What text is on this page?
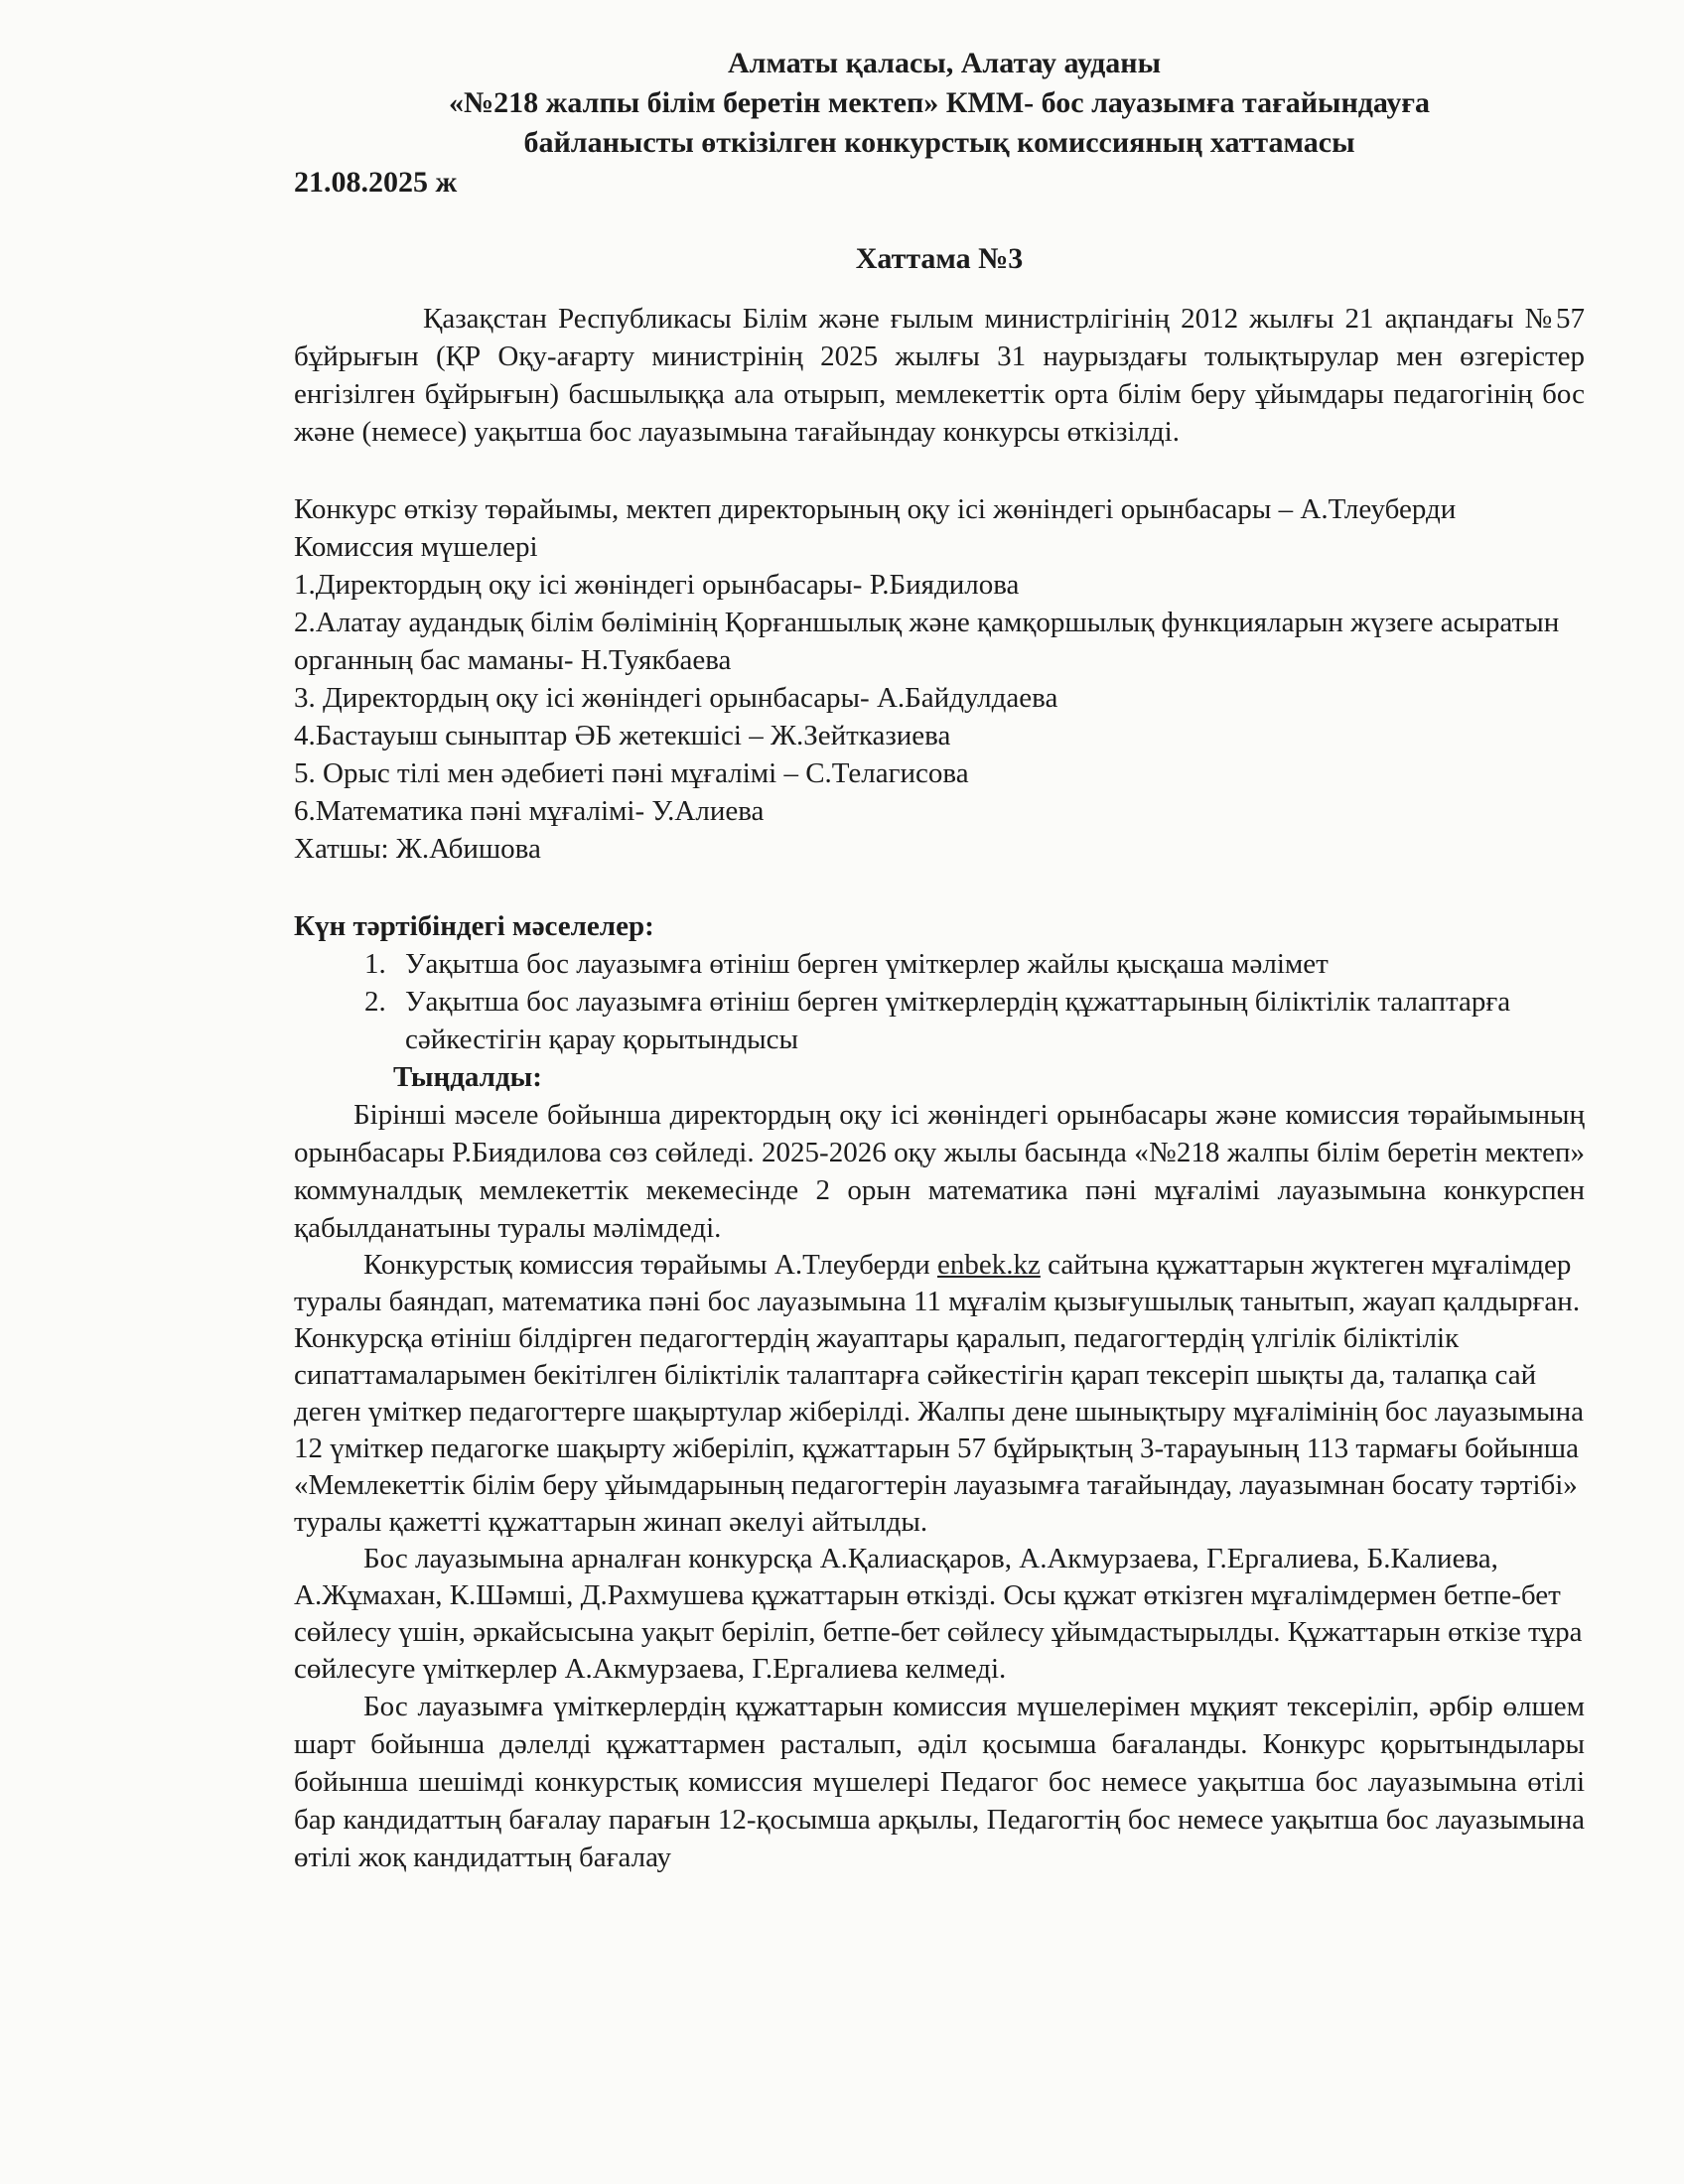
Алматы қаласы, Алатау ауданы

«№218 жалпы білім беретін мектеп» КММ- бос лауазымға тағайындауға

байланысты өткізілген конкурстық комиссияның хаттамасы

21.08.2025 ж

Хаттама №3

Қазақстан Республикасы Білім және ғылым министрлігінің 2012 жылғы 21 ақпандағы №57 бұйрығын (ҚР Оқу-ағарту министрінің 2025 жылғы 31 наурыздағы толықтырулар мен өзгерістер енгізілген бұйрығын) басшылыққа ала отырып, мемлекеттік орта білім беру ұйымдары педагогінің бос және (немесе) уақытша бос лауазымына тағайындау конкурсы өткізілді.

Конкурс өткізу төрайымы, мектеп директорының оқу ісі жөніндегі орынбасары – А.Тлеуберди

Комиссия мүшелері

1.Директордың оқу ісі жөніндегі орынбасары- Р.Биядилова

2.Алатау аудандық білім бөлімінің Қорғаншылық және қамқоршылық функцияларын жүзеге асыратын органның бас маманы- Н.Туякбаева

3. Директордың оқу ісі жөніндегі орынбасары- А.Байдулдаева

4.Бастауыш сыныптар ӘБ жетекшісі – Ж.Зейтказиева

5. Орыс тілі мен әдебиеті пәні мұғалімі – С.Телагисова

6.Математика пәні мұғалімі- У.Алиева

Хатшы: Ж.Абишова

Күн тәртібіндегі мәселелер:

1. Уақытша бос лауазымға өтініш берген үміткерлер жайлы қысқаша мәлімет
2. Уақытша бос лауазымға өтініш берген үміткерлердің құжаттарының біліктілік талаптарға сәйкестігін қарау қорытындысы

Тыңдалды:

Бірінші мәселе бойынша директордың оқу ісі жөніндегі орынбасары және комиссия төрайымының орынбасары Р.Биядилова сөз сөйледі. 2025-2026 оқу жылы басында «№218 жалпы білім беретін мектеп» коммуналдық мемлекеттік мекемесінде 2 орын математика пәні мұғалімі лауазымына конкурспен қабылданатыны туралы мәлімдеді.

Конкурстық комиссия төрайымы А.Тлеуберди enbek.kz сайтына құжаттарын жүктеген мұғалімдер туралы баяндап, математика пәні бос лауазымына 11 мұғалім қызығушылық танытып, жауап қалдырған. Конкурсқа өтініш білдірген педагогтердің жауаптары қаралып, педагогтердің үлгілік біліктілік сипаттамаларымен бекітілген біліктілік талаптарға сәйкестігін қарап тексеріп шықты да, талапқа сай деген үміткер педагогтерге шақыртулар жіберілді. Жалпы дене шынықтыру мұғалімінің бос лауазымына 12 үміткер педагогке шақырту жіберіліп, құжаттарын 57 бұйрықтың 3-тарауының 113 тармағы бойынша «Мемлекеттік білім беру ұйымдарының педагогтерін лауазымға тағайындау, лауазымнан босату тәртібі» туралы қажетті құжаттарын жинап әкелуі айтылды.

Бос лауазымына арналған конкурсқа А.Қалиасқаров, А.Акмурзаева, Г.Ергалиева, Б.Калиева, А.Жұмахан, К.Шәмші, Д.Рахмушева құжаттарын өткізді. Осы құжат өткізген мұғалімдермен бетпе-бет сөйлесу үшін, әркайсысына уақыт беріліп, бетпе-бет сөйлесу ұйымдастырылды. Құжаттарын өткізе тұра сөйлесуге үміткерлер А.Акмурзаева, Г.Ергалиева келмеді.

Бос лауазымға үміткерлердің құжаттарын комиссия мүшелерімен мұқият тексеріліп, әрбір өлшем шарт бойынша дәлелді құжаттармен расталып, әділ қосымша бағаланды. Конкурс қорытындылары бойынша шешімді конкурстық комиссия мүшелері Педагог бос немесе уақытша бос лауазымына өтілі бар кандидаттың бағалау парағын 12-қосымша арқылы, Педагогтің бос немесе уақытша бос лауазымына өтілі жоқ кандидаттың бағалау
